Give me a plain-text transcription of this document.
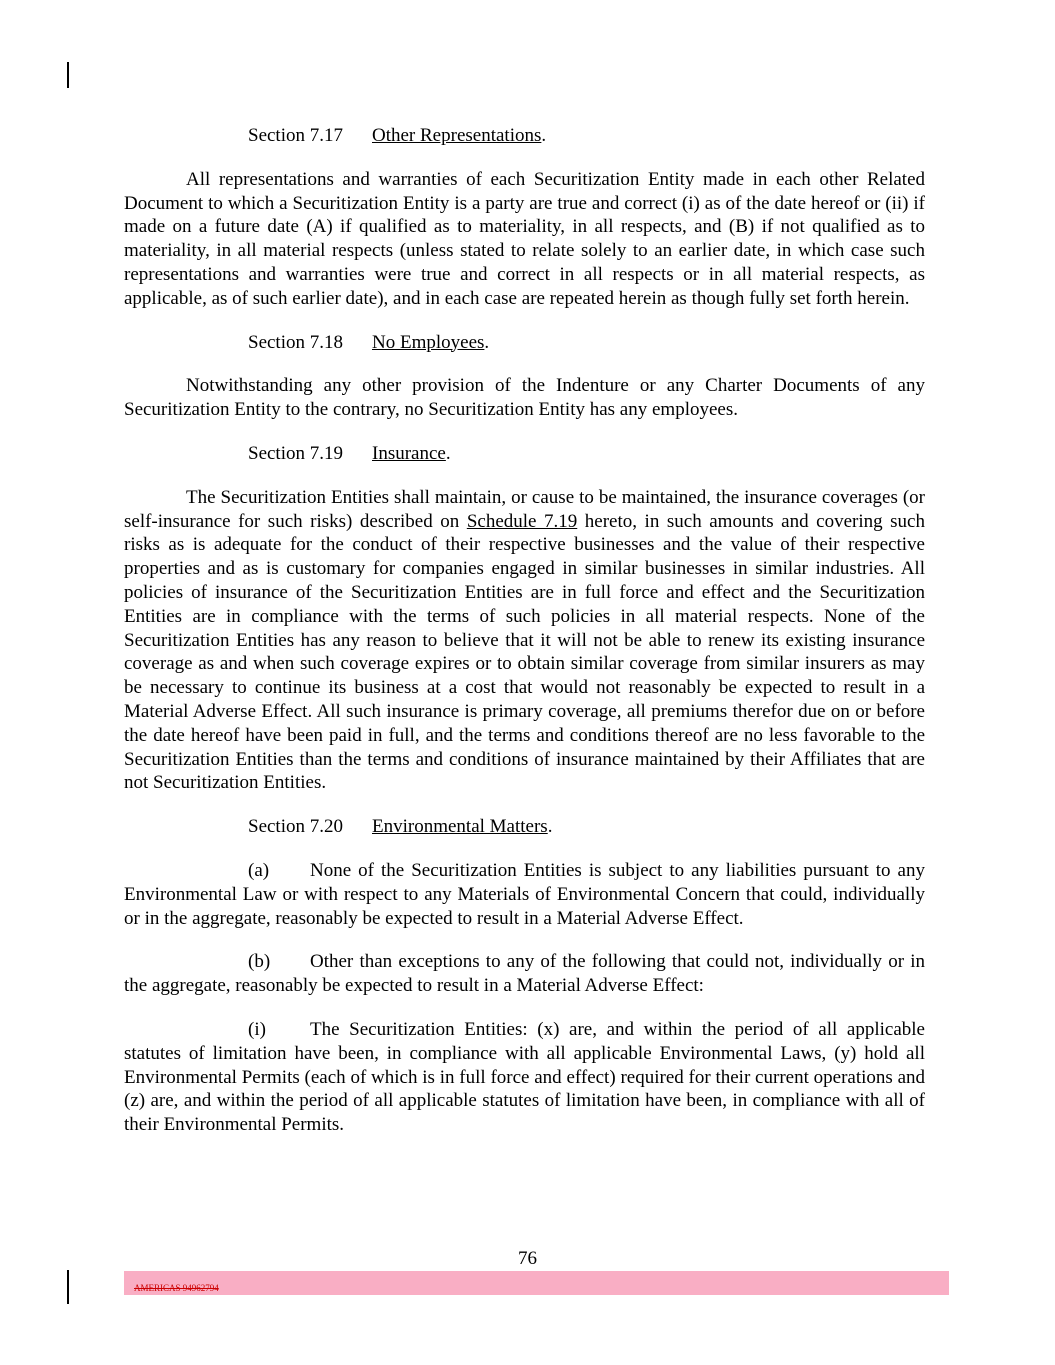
Section 7.17 Other Representations.

All representations and warranties of each Securitization Entity made in each other Related Document to which a Securitization Entity is a party are true and correct (i) as of the date hereof or (ii) if made on a future date (A) if qualified as to materiality, in all respects, and (B) if not qualified as to materiality, in all material respects (unless stated to relate solely to an earlier date, in which case such representations and warranties were true and correct in all respects or in all material respects, as applicable, as of such earlier date), and in each case are repeated herein as though fully set forth herein.

Section 7.18 No Employees.

Notwithstanding any other provision of the Indenture or any Charter Documents of any Securitization Entity to the contrary, no Securitization Entity has any employees.

Section 7.19 Insurance.

The Securitization Entities shall maintain, or cause to be maintained, the insurance coverages (or self-insurance for such risks) described on Schedule 7.19 hereto, in such amounts and covering such risks as is adequate for the conduct of their respective businesses and the value of their respective properties and as is customary for companies engaged in similar businesses in similar industries. All policies of insurance of the Securitization Entities are in full force and effect and the Securitization Entities are in compliance with the terms of such policies in all material respects. None of the Securitization Entities has any reason to believe that it will not be able to renew its existing insurance coverage as and when such coverage expires or to obtain similar coverage from similar insurers as may be necessary to continue its business at a cost that would not reasonably be expected to result in a Material Adverse Effect. All such insurance is primary coverage, all premiums therefor due on or before the date hereof have been paid in full, and the terms and conditions thereof are no less favorable to the Securitization Entities than the terms and conditions of insurance maintained by their Affiliates that are not Securitization Entities.

Section 7.20 Environmental Matters.

(a) None of the Securitization Entities is subject to any liabilities pursuant to any Environmental Law or with respect to any Materials of Environmental Concern that could, individually or in the aggregate, reasonably be expected to result in a Material Adverse Effect.

(b) Other than exceptions to any of the following that could not, individually or in the aggregate, reasonably be expected to result in a Material Adverse Effect:

(i) The Securitization Entities: (x) are, and within the period of all applicable statutes of limitation have been, in compliance with all applicable Environmental Laws, (y) hold all Environmental Permits (each of which is in full force and effect) required for their current operations and (z) are, and within the period of all applicable statutes of limitation have been, in compliance with all of their Environmental Permits.

76
AMERICAS 94962794
